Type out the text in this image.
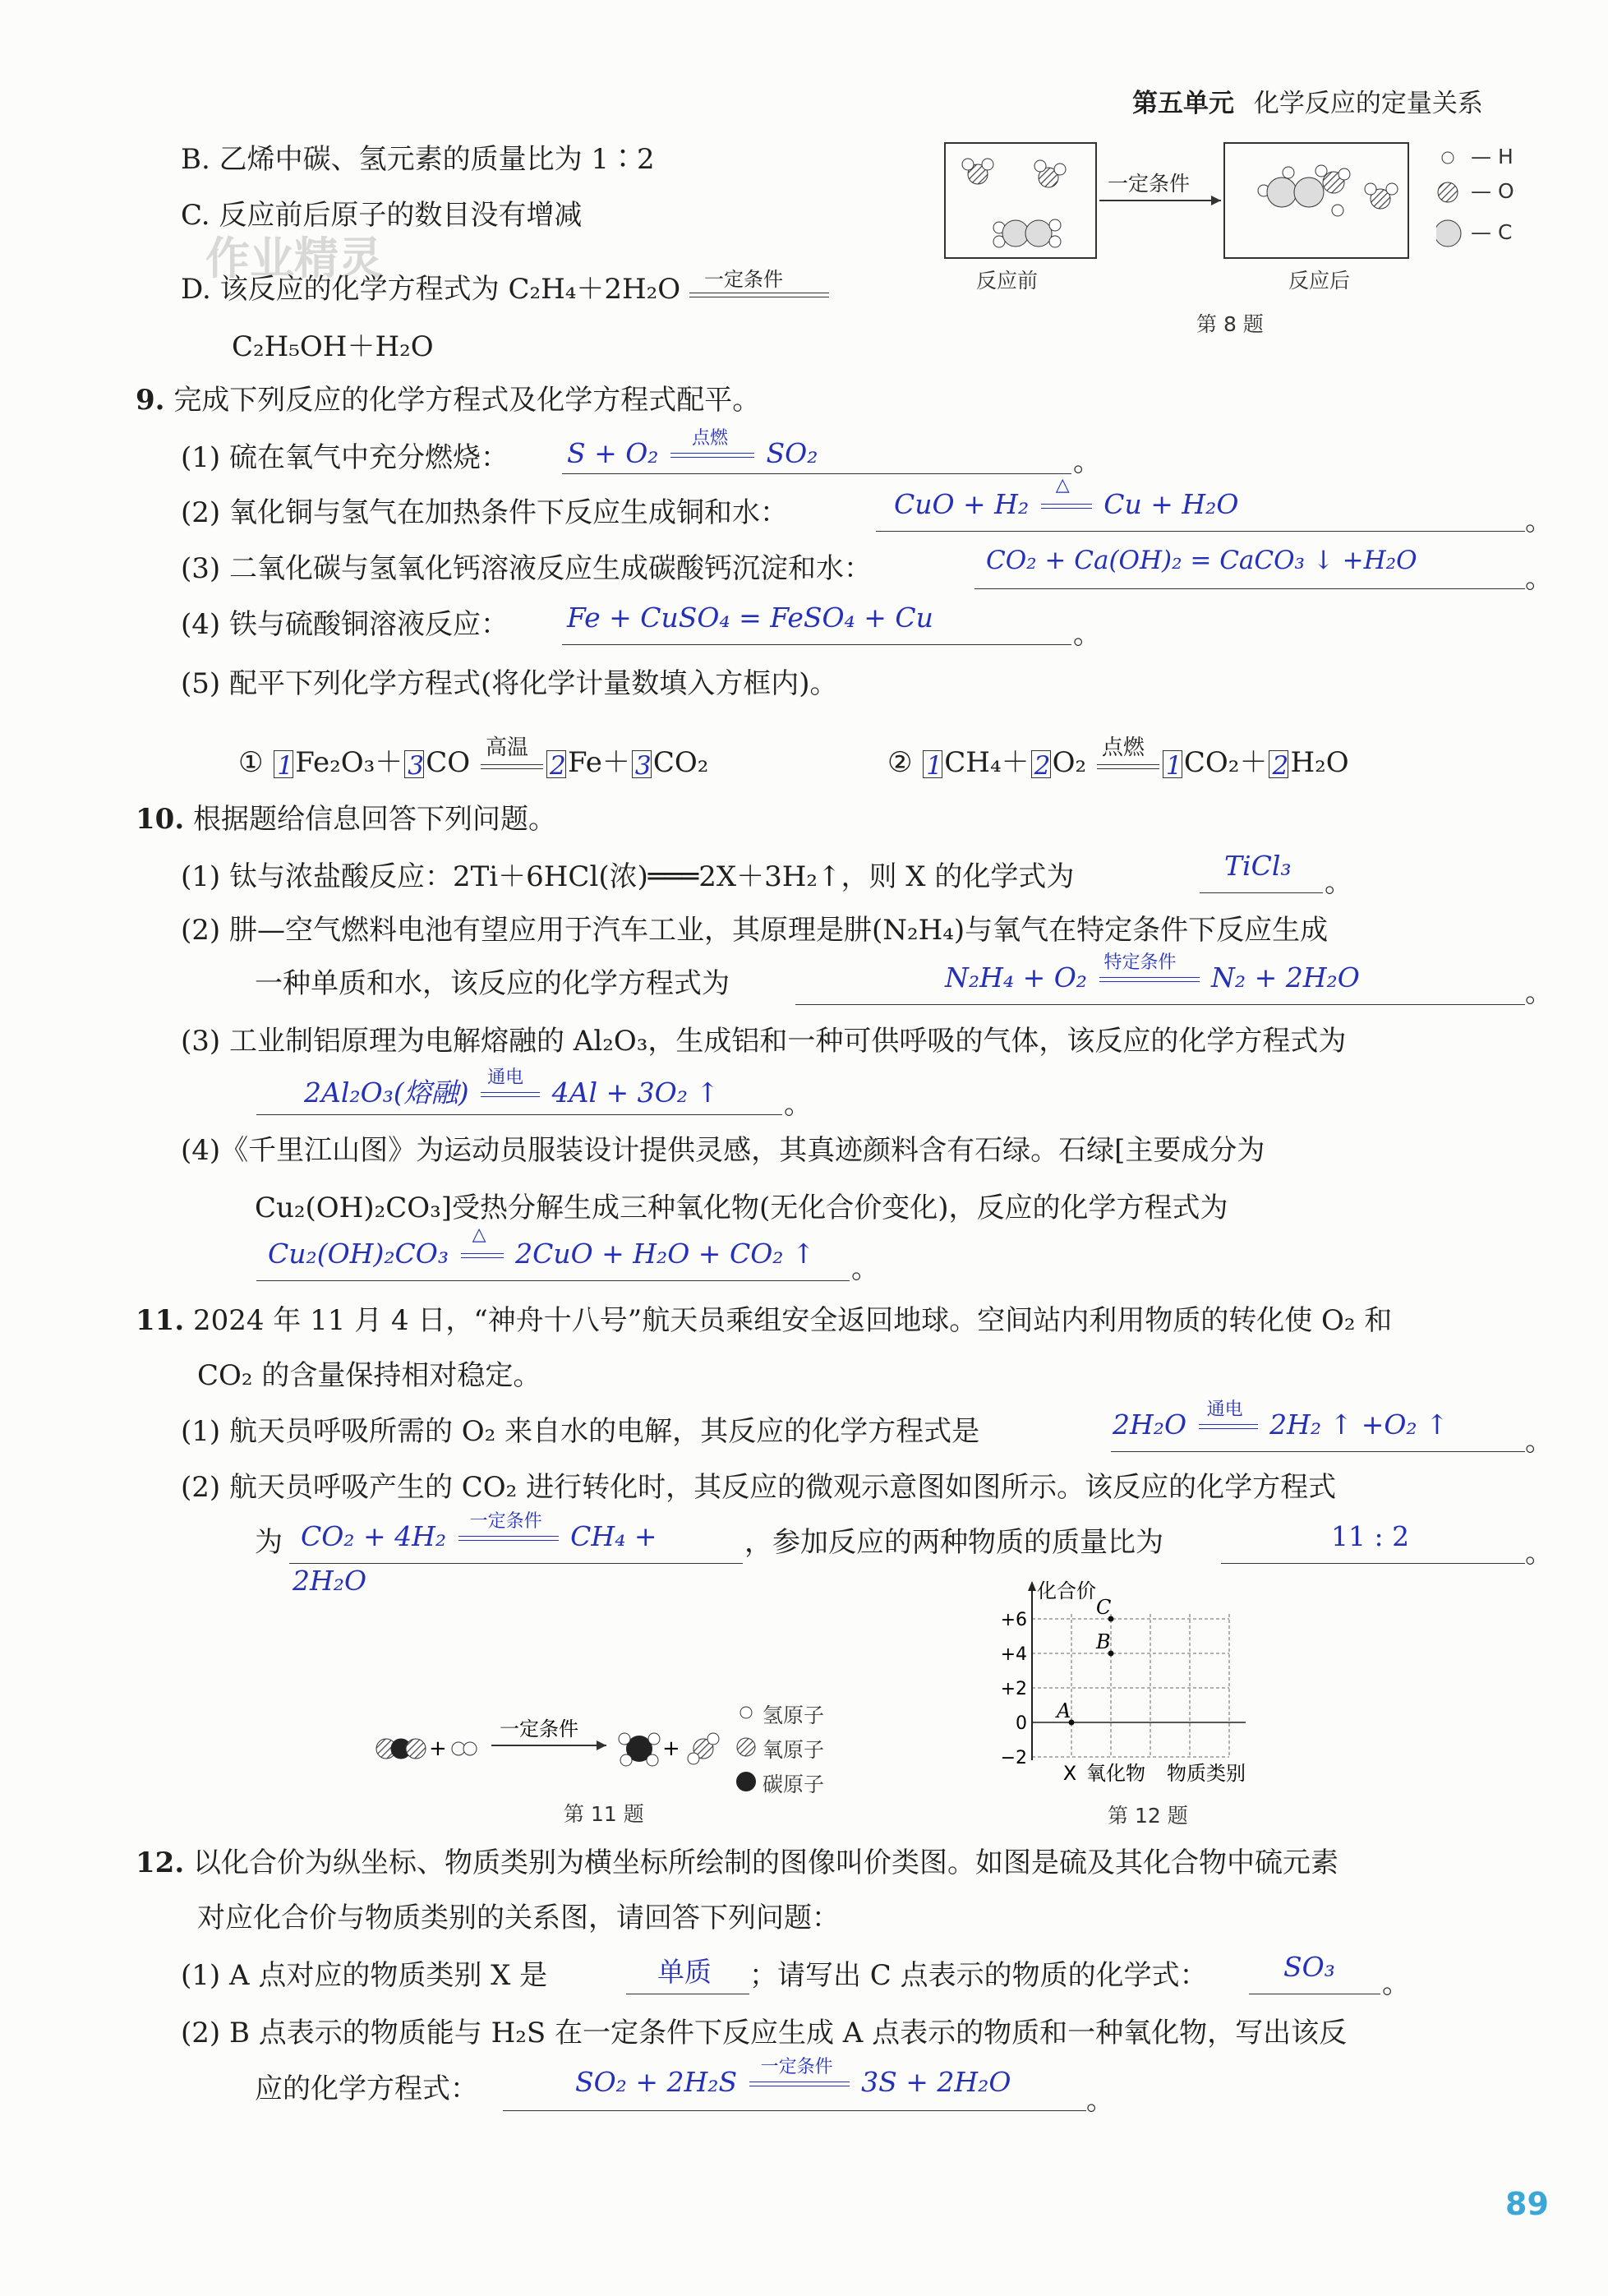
第五单元 化学反应的定量关系
作业精灵
B. 乙烯中碳、氢元素的质量比为 1∶2
C. 反应前后原子的数目没有增减
D. 该反应的化学方程式为 C₂H₄＋2H₂O 一定条件
C₂H₅OH＋H₂O
一定条件
反应前	反应后
— H
— O
— C
第 8 题
9. 完成下列反应的化学方程式及化学方程式配平。
(1) 硫在氧气中充分燃烧： S + O₂ 点燃 SO₂	。
(2) 氧化铜与氢气在加热条件下反应生成铜和水：	CuO + H₂
△
Cu + H₂O
。
(3) 二氧化碳与氢氧化钙溶液反应生成碳酸钙沉淀和水：	CO₂ + Ca(OH)₂ = CaCO₃ ↓ +H₂O
。
(4) 铁与硫酸铜溶液反应： Fe + CuSO₄ = FeSO₄ + Cu
。
(5) 配平下列化学方程式(将化学计量数填入方框内)。
① 1 Fe₂O₃＋ 3 CO 高温
2 Fe＋ 3 CO₂	② 1 CH₄＋ 2 O₂ 点燃
1 CO₂＋ 2 H₂O
10. 根据题给信息回答下列问题。
(1) 钛与浓盐酸反应：2Ti＋6HCl(浓)═══2X＋3H₂↑，则 X 的化学式为	TiCl₃
。
(2) 肼—空气燃料电池有望应用于汽车工业，其原理是肼(N₂H₄)与氧气在特定条件下反应生成
一种单质和水，该反应的化学方程式为	N₂H₄ + O₂ 特定条件 N₂ + 2H₂O	。
(3) 工业制铝原理为电解熔融的 Al₂O₃，生成铝和一种可供呼吸的气体，该反应的化学方程式为
2Al₂O₃(熔融) 通电 4Al + 3O₂ ↑ 。
(4)《千里江山图》为运动员服装设计提供灵感，其真迹颜料含有石绿。石绿[主要成分为
Cu₂(OH)₂CO₃]受热分解生成三种氧化物(无化合价变化)，反应的化学方程式为
Cu₂(OH)₂CO₃
△
2CuO + H₂O + CO₂ ↑ 。
11. 2024 年 11 月 4 日，“神舟十八号”航天员乘组安全返回地球。空间站内利用物质的转化使 O₂ 和
CO₂ 的含量保持相对稳定。
(1) 航天员呼吸所需的 O₂ 来自水的电解，其反应的化学方程式是	2H₂O 通电 2H₂ ↑ +O₂ ↑
。
(2) 航天员呼吸产生的 CO₂ 进行转化时，其反应的微观示意图如图所示。该反应的化学方程式
为 CO₂ + 4H₂ 一定条件 CH₄ +
2H₂O
，参加反应的两种物质的质量比为	11 : 2
。
+
一定条件
+
氢原子
氧原子
碳原子
第 11 题
化合价
+6
+4
+2
0
−2
X 氧化物 物质类别
A
B
C
第 12 题
12. 以化合价为纵坐标、物质类别为横坐标所绘制的图像叫价类图。如图是硫及其化合物中硫元素
对应化合价与物质类别的关系图，请回答下列问题：
(1) A 点对应的物质类别 X 是	单质 ；请写出 C 点表示的物质的化学式：	SO₃
。
(2) B 点表示的物质能与 H₂S 在一定条件下反应生成 A 点表示的物质和一种氧化物，写出该反
应的化学方程式：	SO₂ + 2H₂S 一定条件 3S + 2H₂O
。
89
